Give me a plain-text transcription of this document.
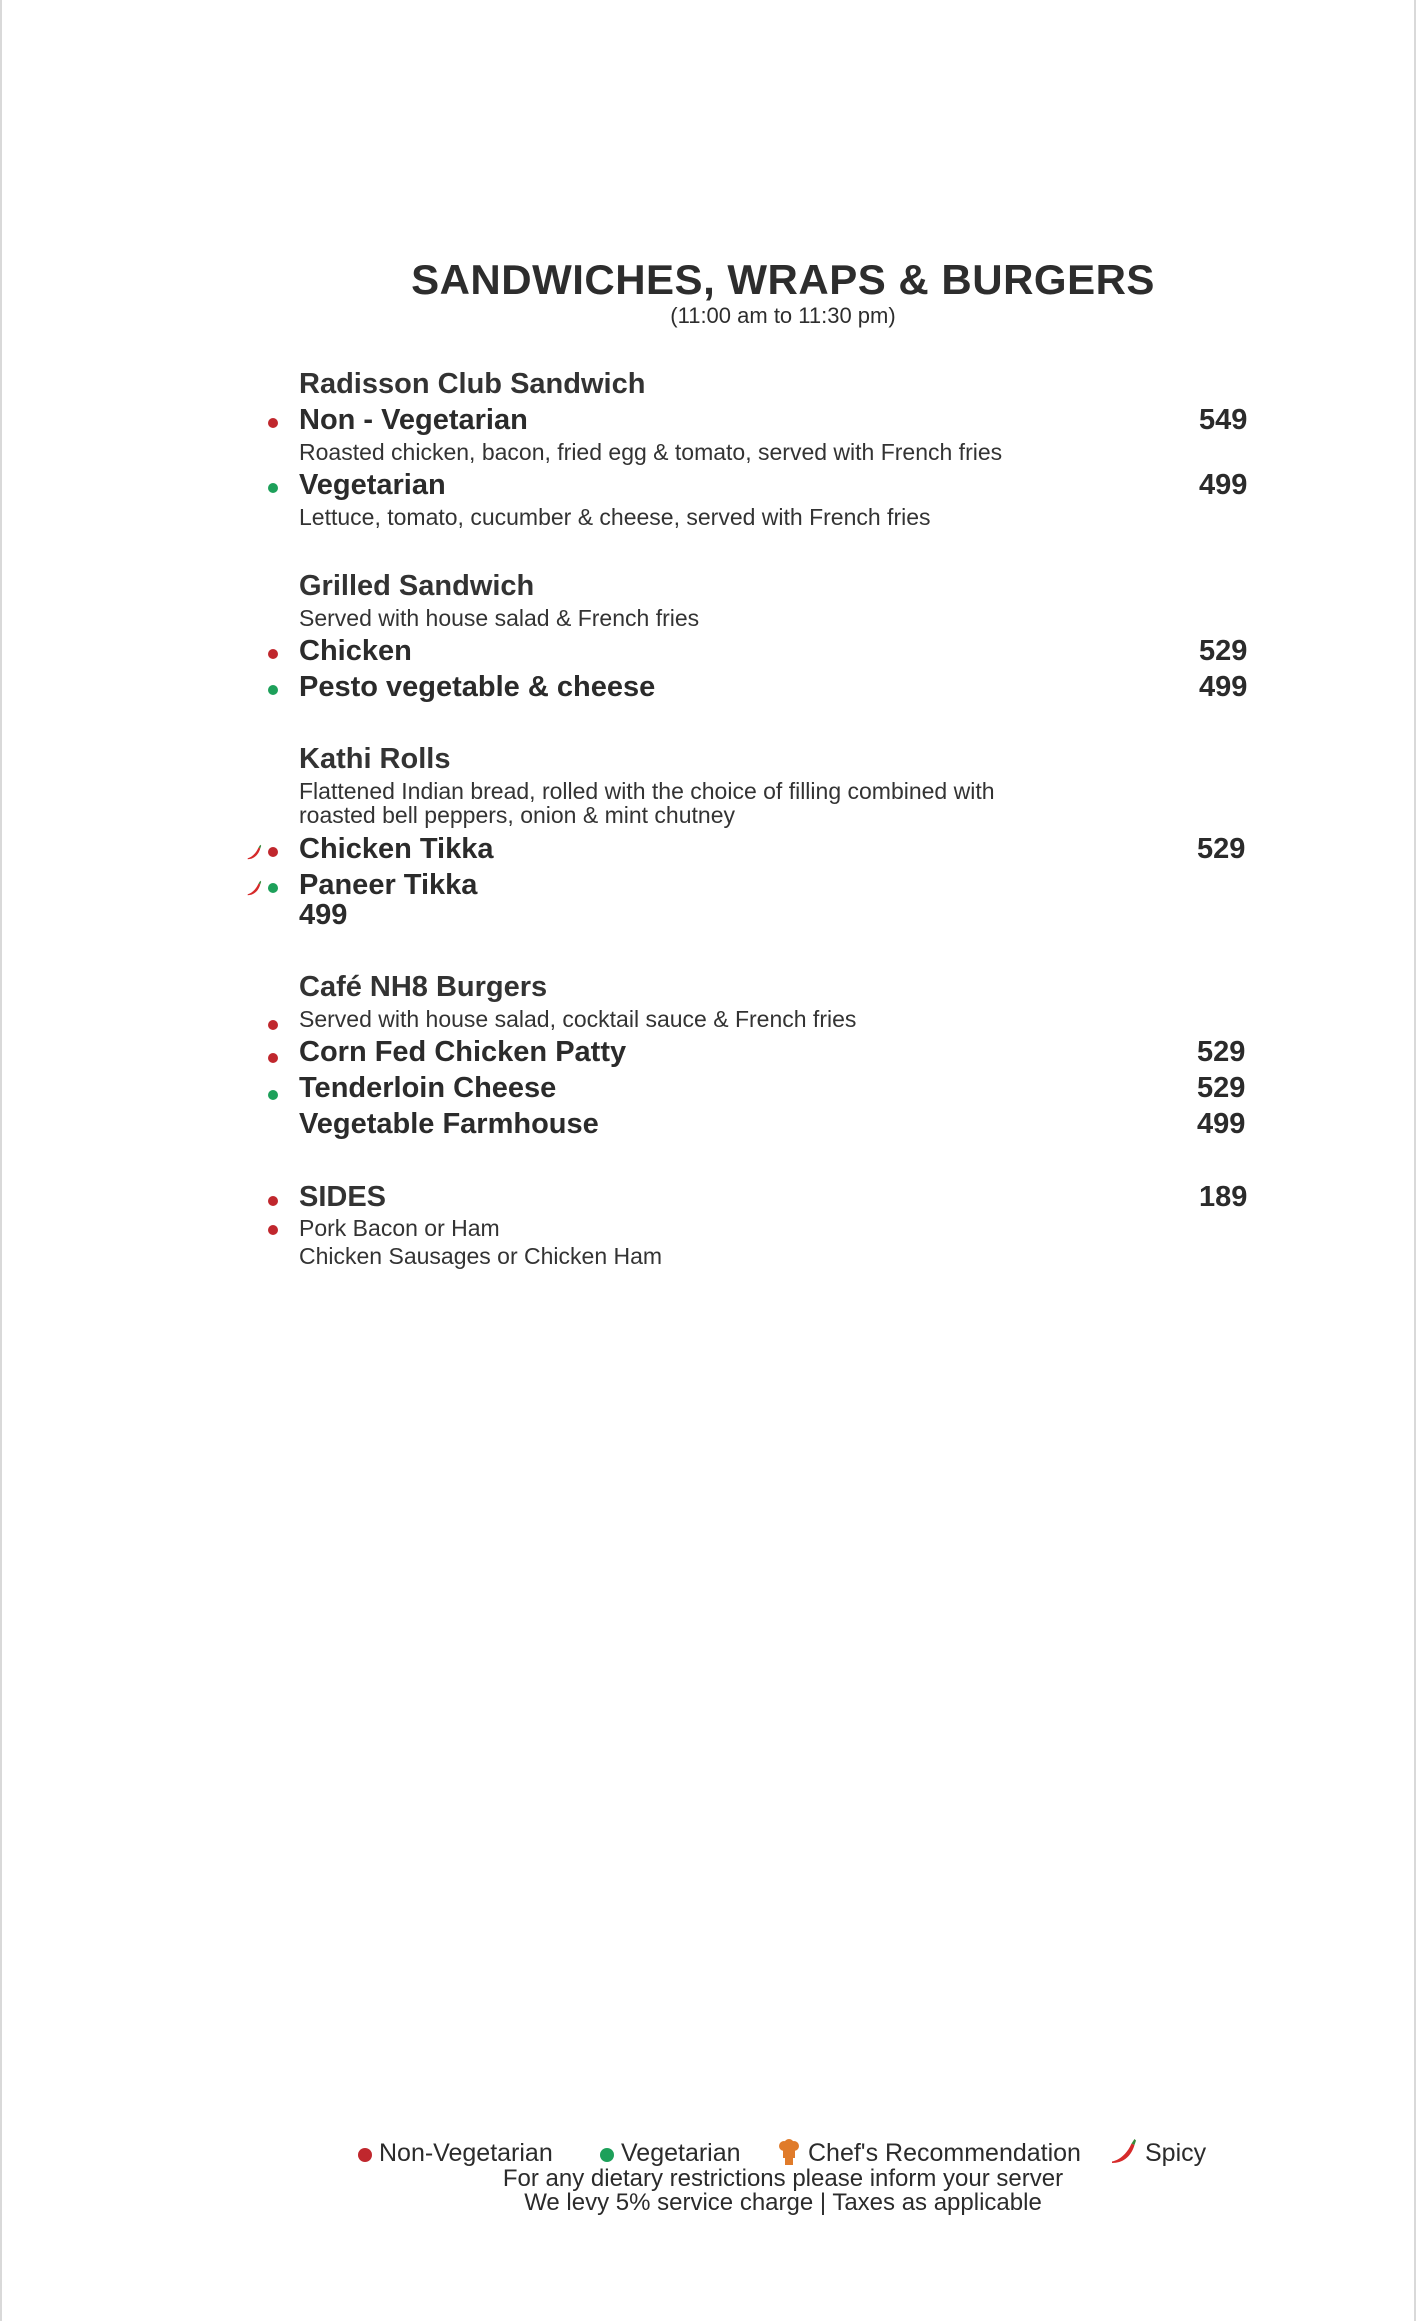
SANDWICHES, WRAPS & BURGERS
(11:00 am to 11:30 pm)
Radisson Club Sandwich
Non - Vegetarian	549
Roasted chicken, bacon, fried egg & tomato, served with French fries
Vegetarian	499
Lettuce, tomato, cucumber & cheese, served with French fries
Grilled Sandwich
Served with house salad & French fries
Chicken	529
Pesto vegetable & cheese	499
Kathi Rolls
Flattened Indian bread, rolled with the choice of filling combined with
roasted bell peppers, onion & mint chutney
Chicken Tikka	529
Paneer Tikka
499
Café NH8 Burgers
Served with house salad, cocktail sauce & French fries
Corn Fed Chicken Patty	529
Tenderloin Cheese	529
Vegetable Farmhouse	499
SIDES	189
Pork Bacon or Ham
Chicken Sausages or Chicken Ham
Non-Vegetarian	Vegetarian	Chef's Recommendation	Spicy
For any dietary restrictions please inform your server
We levy 5% service charge | Taxes as applicable
